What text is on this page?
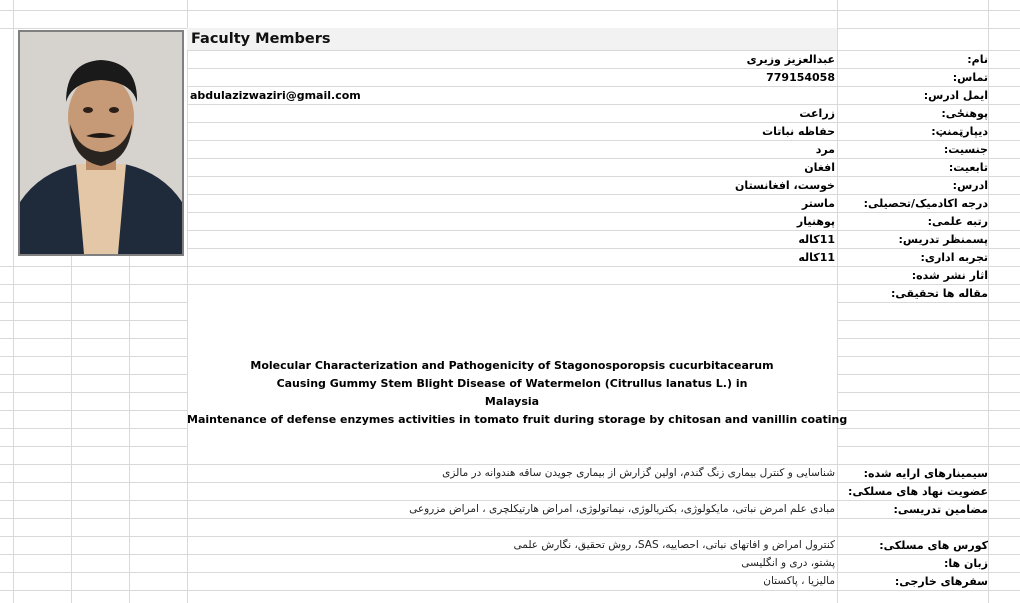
Faculty Members
نام:
تماس:
ایمل ادرس:
پوهنځی:
دیپارټمنټ:
جنسیت:
تابعیت:
ادرس:
درجه اکادمیک/تحصیلی:
رتبه علمی:
پسمنظر تدریس:
تجربه اداری:
اثار نشر شده:
مقاله ها تحقیقی:
سیمینارهای ارایه شده:
عضویت نهاد های مسلکی:
مضامین تدریسی:
کورس های مسلکی:
زبان ها:
سفرهای خارجی:
عبدالعزیز وزیری
779154058
abdulazizwaziri@gmail.com
زراعت
حفاظه نباتات
مرد
افغان
خوست، افغانستان
ماستر
پوهنیار
11کاله
11کاله
Molecular Characterization and Pathogenicity of Stagonosporopsis cucurbitacearum
Causing Gummy Stem Blight Disease of Watermelon (Citrullus lanatus L.) in
Malaysia
Maintenance of defense enzymes activities in tomato fruit during storage by chitosan and vanillin coating
شناسایی و کنترل بیماری زنگ گندم، اولین گزارش از بیماری جویدن ساقه هندوانه در مالزی
مبادی علم امرض نباتی، مایکولوژی، بکتریالوژی، نیماتولوژی، امراض هارتیکلچری ، امراض مزروعی
کنترول امراض و افاتهای نباتی، احصاییه، SAS، روش تحقیق، نگارش علمی
پشتو، دری و انگلیسی
مالیزیا ، پاکستان
